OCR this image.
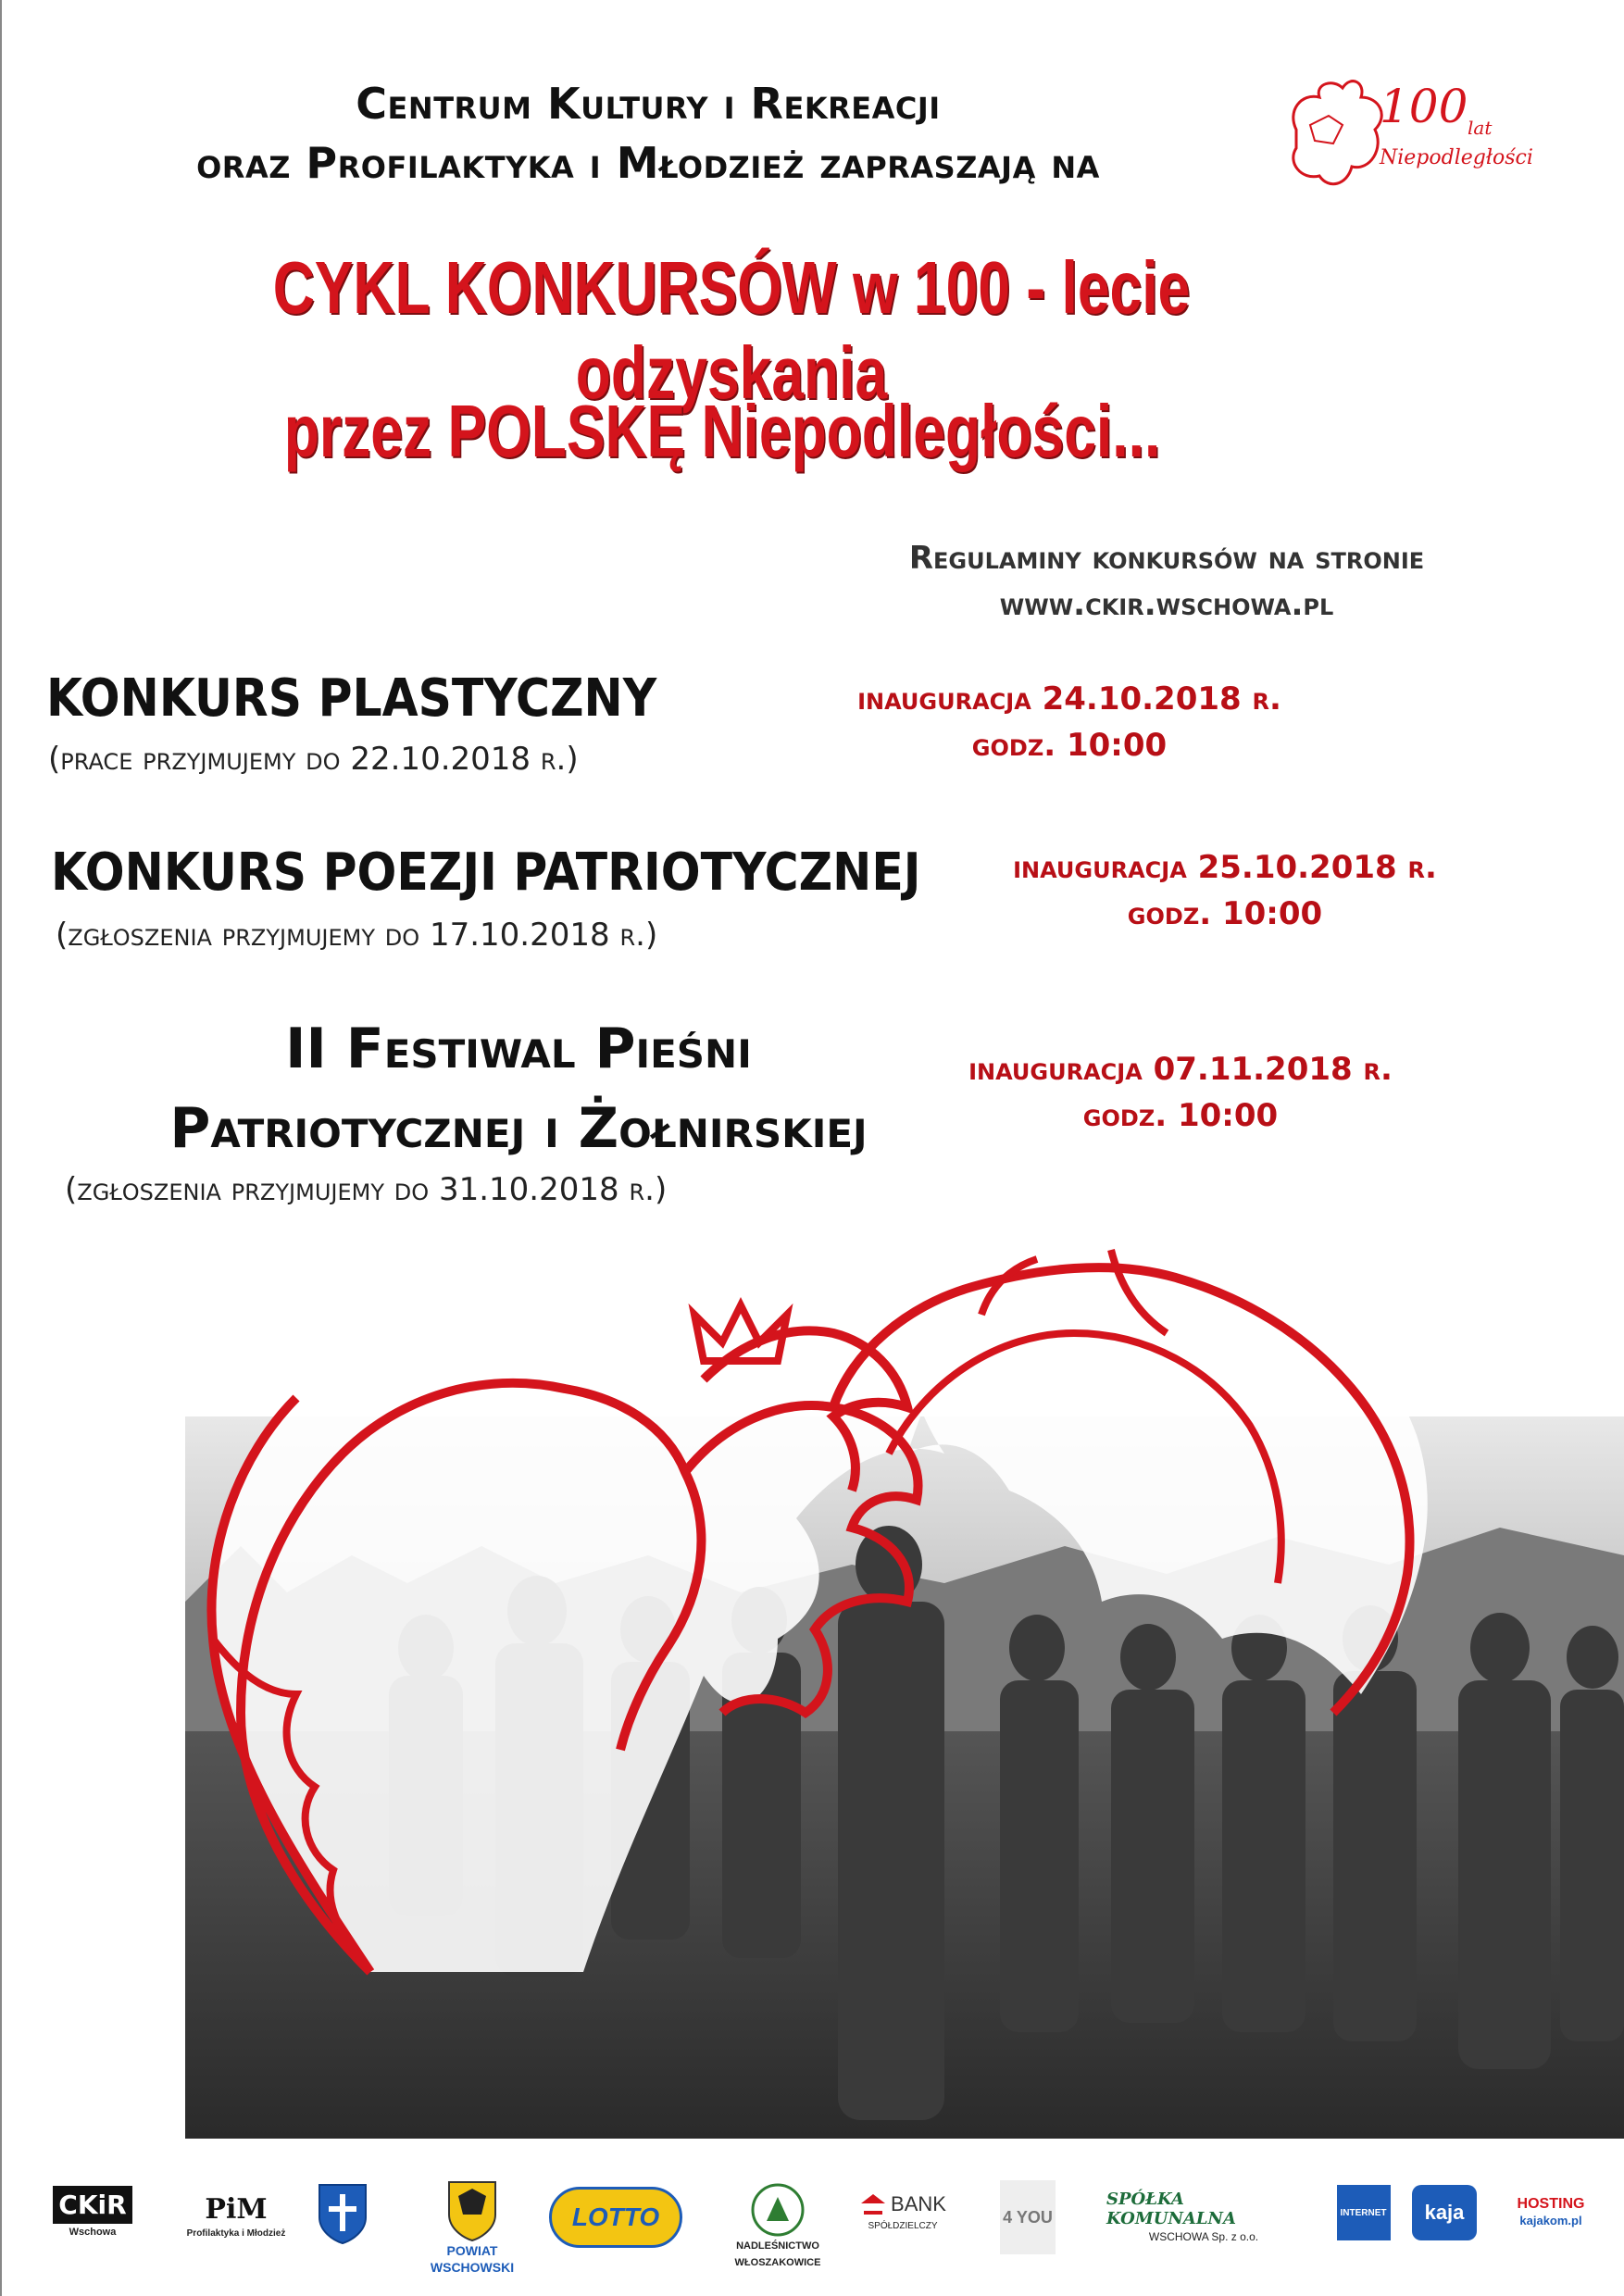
Centrum Kultury i Rekreacji
oraz Profilaktyka i Młodzież zapraszają na
100 lat
Niepodległości
CYKL KONKURSÓW w 100 - lecie odzyskania
przez POLSKĘ Niepodległości...
Regulaminy konkursów na stronie
www.ckir.wschowa.pl
KONKURS PLASTYCZNY
(prace przyjmujemy do 22.10.2018 r.)
inauguracja 24.10.2018 r.
godz. 10:00
KONKURS POEZJI PATRIOTYCZNEJ
(zgłoszenia przyjmujemy do 17.10.2018 r.)
inauguracja 25.10.2018 r.
godz. 10:00
II Festiwal Pieśni
Patriotycznej i Żołnirskiej
(zgłoszenia przyjmujemy do 31.10.2018 r.)
inauguracja 07.11.2018 r.
godz. 10:00
CKiR
Wschowa
PiM
Profilaktyka i Młodzież
POWIAT WSCHOWSKI
LOTTO
NADLEŚNICTWO WŁOSZAKOWICE
BANK
SPÓŁDZIELCZY	4 YOU
SPÓŁKA KOMUNALNA
WSCHOWA Sp. z o.o.
INTERNET	kaja	HOSTING
kajakom.pl
